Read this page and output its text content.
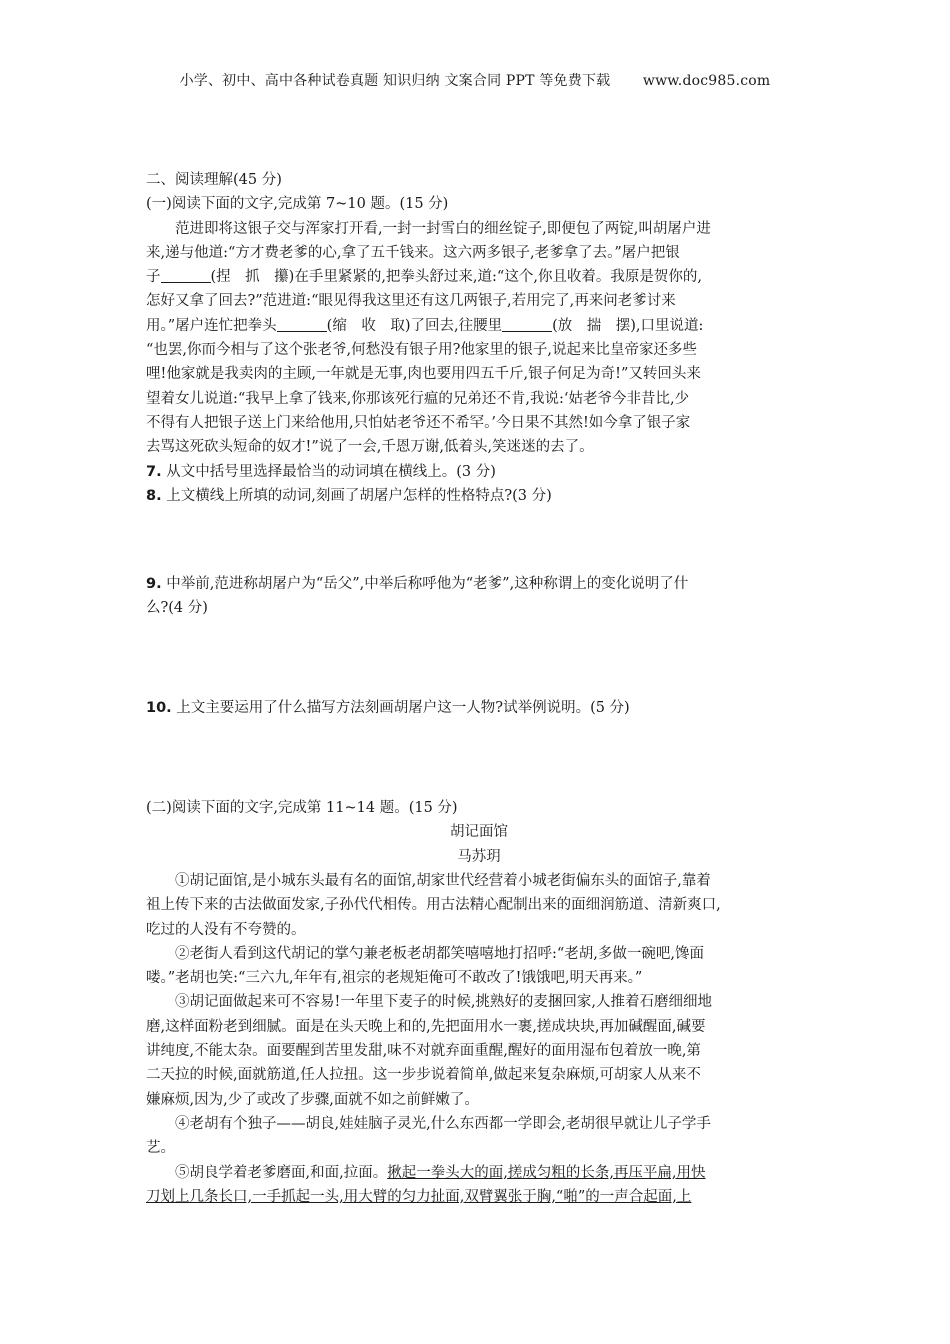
小学、初中、高中各种试卷真题 知识归纳 文案合同 PPT 等免费下载 www.doc985.com

二、阅读理解(45 分)

(一)阅读下面的文字,完成第 7~10 题。(15 分)

范进即将这银子交与浑家打开看,一封一封雪白的细丝锭子,即便包了两锭,叫胡屠户进

来,递与他道:“方才费老爹的心,拿了五千钱来。这六两多银子,老爹拿了去。”屠户把银

子	(捏　抓　攥)在手里紧紧的,把拳头舒过来,道:“这个,你且收着。我原是贺你的,

怎好又拿了回去?”范进道:“眼见得我这里还有这几两银子,若用完了,再来问老爹讨来

用。”屠户连忙把拳头	(缩　收　取)了回去,往腰里	(放　揣　摆),口里说道:

“也罢,你而今相与了这个张老爷,何愁没有银子用?他家里的银子,说起来比皇帝家还多些

哩!他家就是我卖肉的主顾,一年就是无事,肉也要用四五千斤,银子何足为奇!”又转回头来

望着女儿说道:“我早上拿了钱来,你那该死行瘟的兄弟还不肯,我说:‘姑老爷今非昔比,少

不得有人把银子送上门来给他用,只怕姑老爷还不希罕。’今日果不其然!如今拿了银子家

去骂这死砍头短命的奴才!”说了一会,千恩万谢,低着头,笑迷迷的去了。

7. 从文中括号里选择最恰当的动词填在横线上。(3 分)

8. 上文横线上所填的动词,刻画了胡屠户怎样的性格特点?(3 分)

9. 中举前,范进称胡屠户为“岳父”,中举后称呼他为“老爹”,这种称谓上的变化说明了什

么?(4 分)

10. 上文主要运用了什么描写方法刻画胡屠户这一人物?试举例说明。(5 分)

(二)阅读下面的文字,完成第 11~14 题。(15 分)

胡记面馆

马苏玥

①胡记面馆,是小城东头最有名的面馆,胡家世代经营着小城老街偏东头的面馆子,靠着

祖上传下来的古法做面发家,子孙代代相传。用古法精心配制出来的面细润筋道、清新爽口,

吃过的人没有不夸赞的。

②老街人看到这代胡记的掌勺兼老板老胡都笑嘻嘻地打招呼:“老胡,多做一碗吧,馋面

喽。”老胡也笑:“三六九,年年有,祖宗的老规矩俺可不敢改了!饿饿吧,明天再来。”

③胡记面做起来可不容易!一年里下麦子的时候,挑熟好的麦捆回家,人推着石磨细细地

磨,这样面粉老到细腻。面是在头天晚上和的,先把面用水一裹,搓成块块,再加碱醒面,碱要

讲纯度,不能太杂。面要醒到苦里发甜,味不对就弃面重醒,醒好的面用湿布包着放一晚,第

二天拉的时候,面就筋道,任人拉扭。这一步步说着简单,做起来复杂麻烦,可胡家人从来不

嫌麻烦,因为,少了或改了步骤,面就不如之前鲜嫩了。

④老胡有个独子——胡良,娃娃脑子灵光,什么东西都一学即会,老胡很早就让儿子学手

艺。

⑤胡良学着老爹磨面,和面,拉面。揪起一拳头大的面,搓成匀粗的长条,再压平扁,用快

刀划上几条长口,一手抓起一头,用大臂的匀力扯面,双臂翼张于胸,“啪”的一声合起面,上
